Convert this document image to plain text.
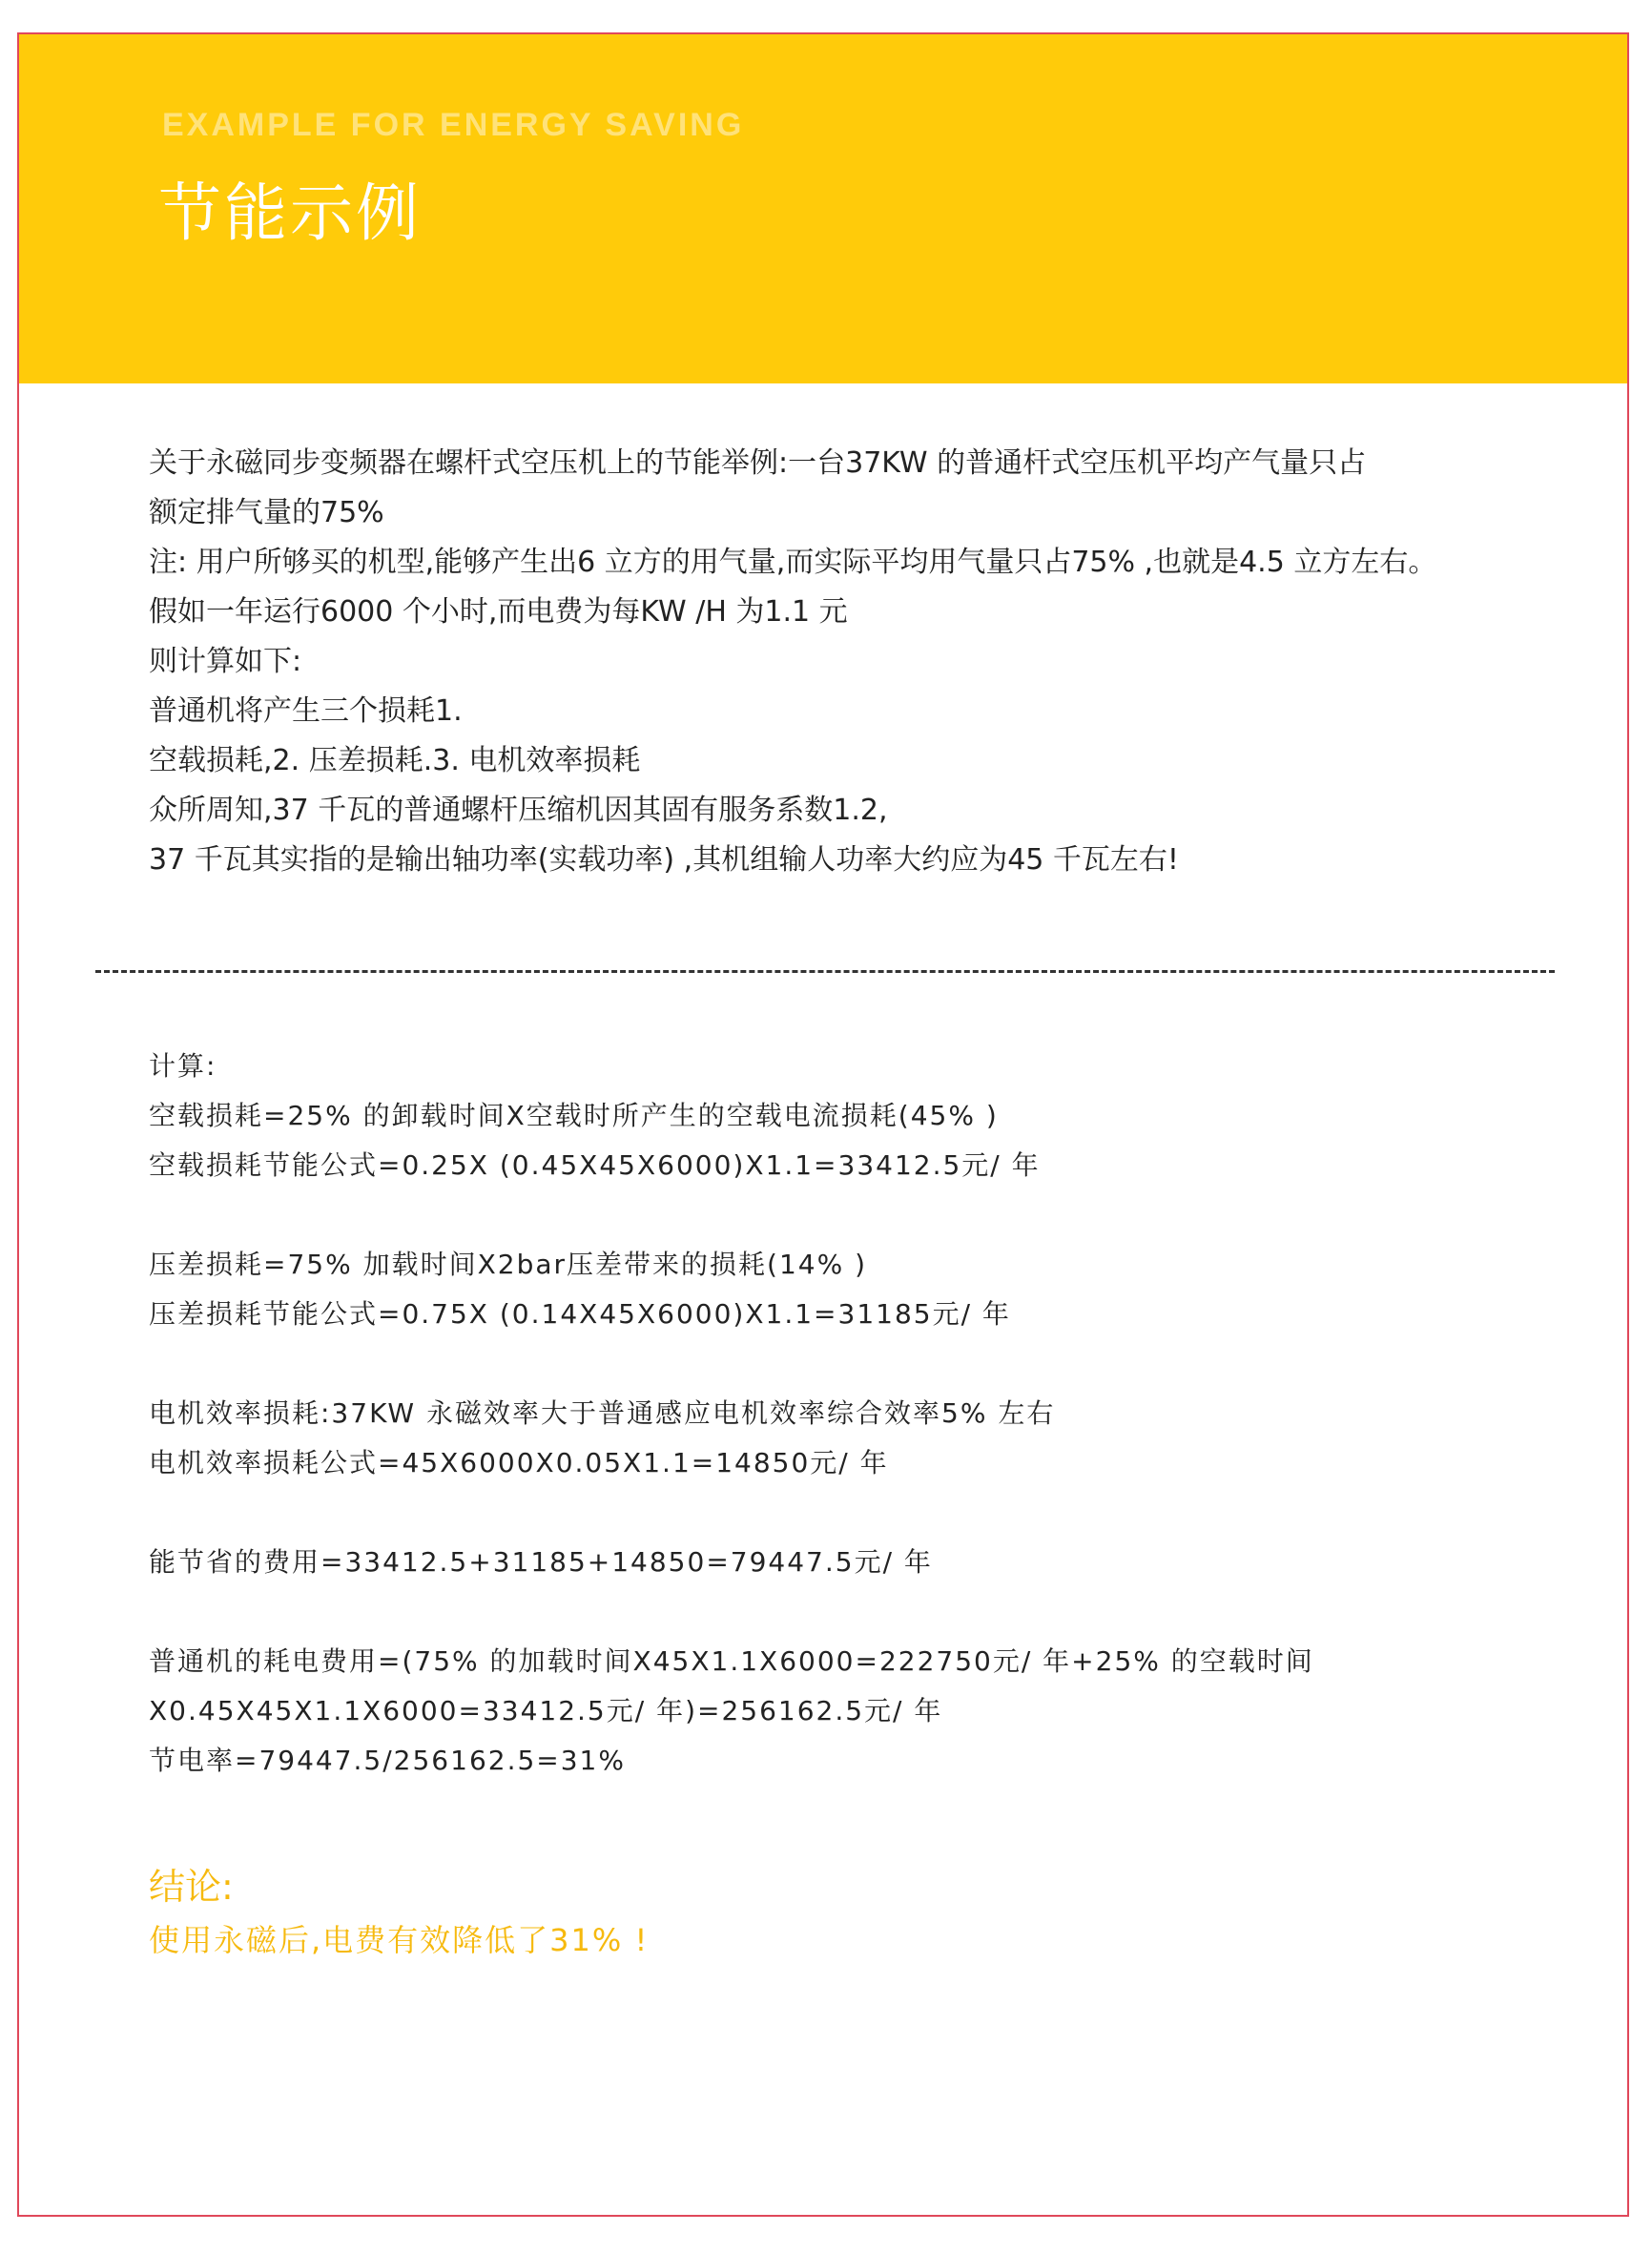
EXAMPLE FOR ENERGY SAVING
节能示例
关于永磁同步变频器在螺杆式空压机上的节能举例:一台37KW 的普通杆式空压机平均产气量只占
额定排气量的75%
注: 用户所够买的机型,能够产生出6 立方的用气量,而实际平均用气量只占75% ,也就是4.5 立方左右。
假如一年运行6000 个小时,而电费为每KW /H 为1.1 元
则计算如下:
普通机将产生三个损耗1.
空载损耗,2. 压差损耗.3. 电机效率损耗
众所周知,37 千瓦的普通螺杆压缩机因其固有服务系数1.2,
37 千瓦其实指的是输出轴功率(实载功率) ,其机组输人功率大约应为45 千瓦左右!
计算:
空载损耗=25% 的卸载时间X空载时所产生的空载电流损耗(45% )
空载损耗节能公式=0.25X (0.45X45X6000)X1.1=33412.5元/ 年
压差损耗=75% 加载时间X2bar压差带来的损耗(14% )
压差损耗节能公式=0.75X (0.14X45X6000)X1.1=31185元/ 年
电机效率损耗:37KW 永磁效率大于普通感应电机效率综合效率5% 左右
电机效率损耗公式=45X6000X0.05X1.1=14850元/ 年
能节省的费用=33412.5+31185+14850=79447.5元/ 年
普通机的耗电费用=(75% 的加载时间X45X1.1X6000=222750元/ 年+25% 的空载时间
X0.45X45X1.1X6000=33412.5元/ 年)=256162.5元/ 年
节电率=79447.5/256162.5=31%
结论:
使用永磁后,电费有效降低了31% !
